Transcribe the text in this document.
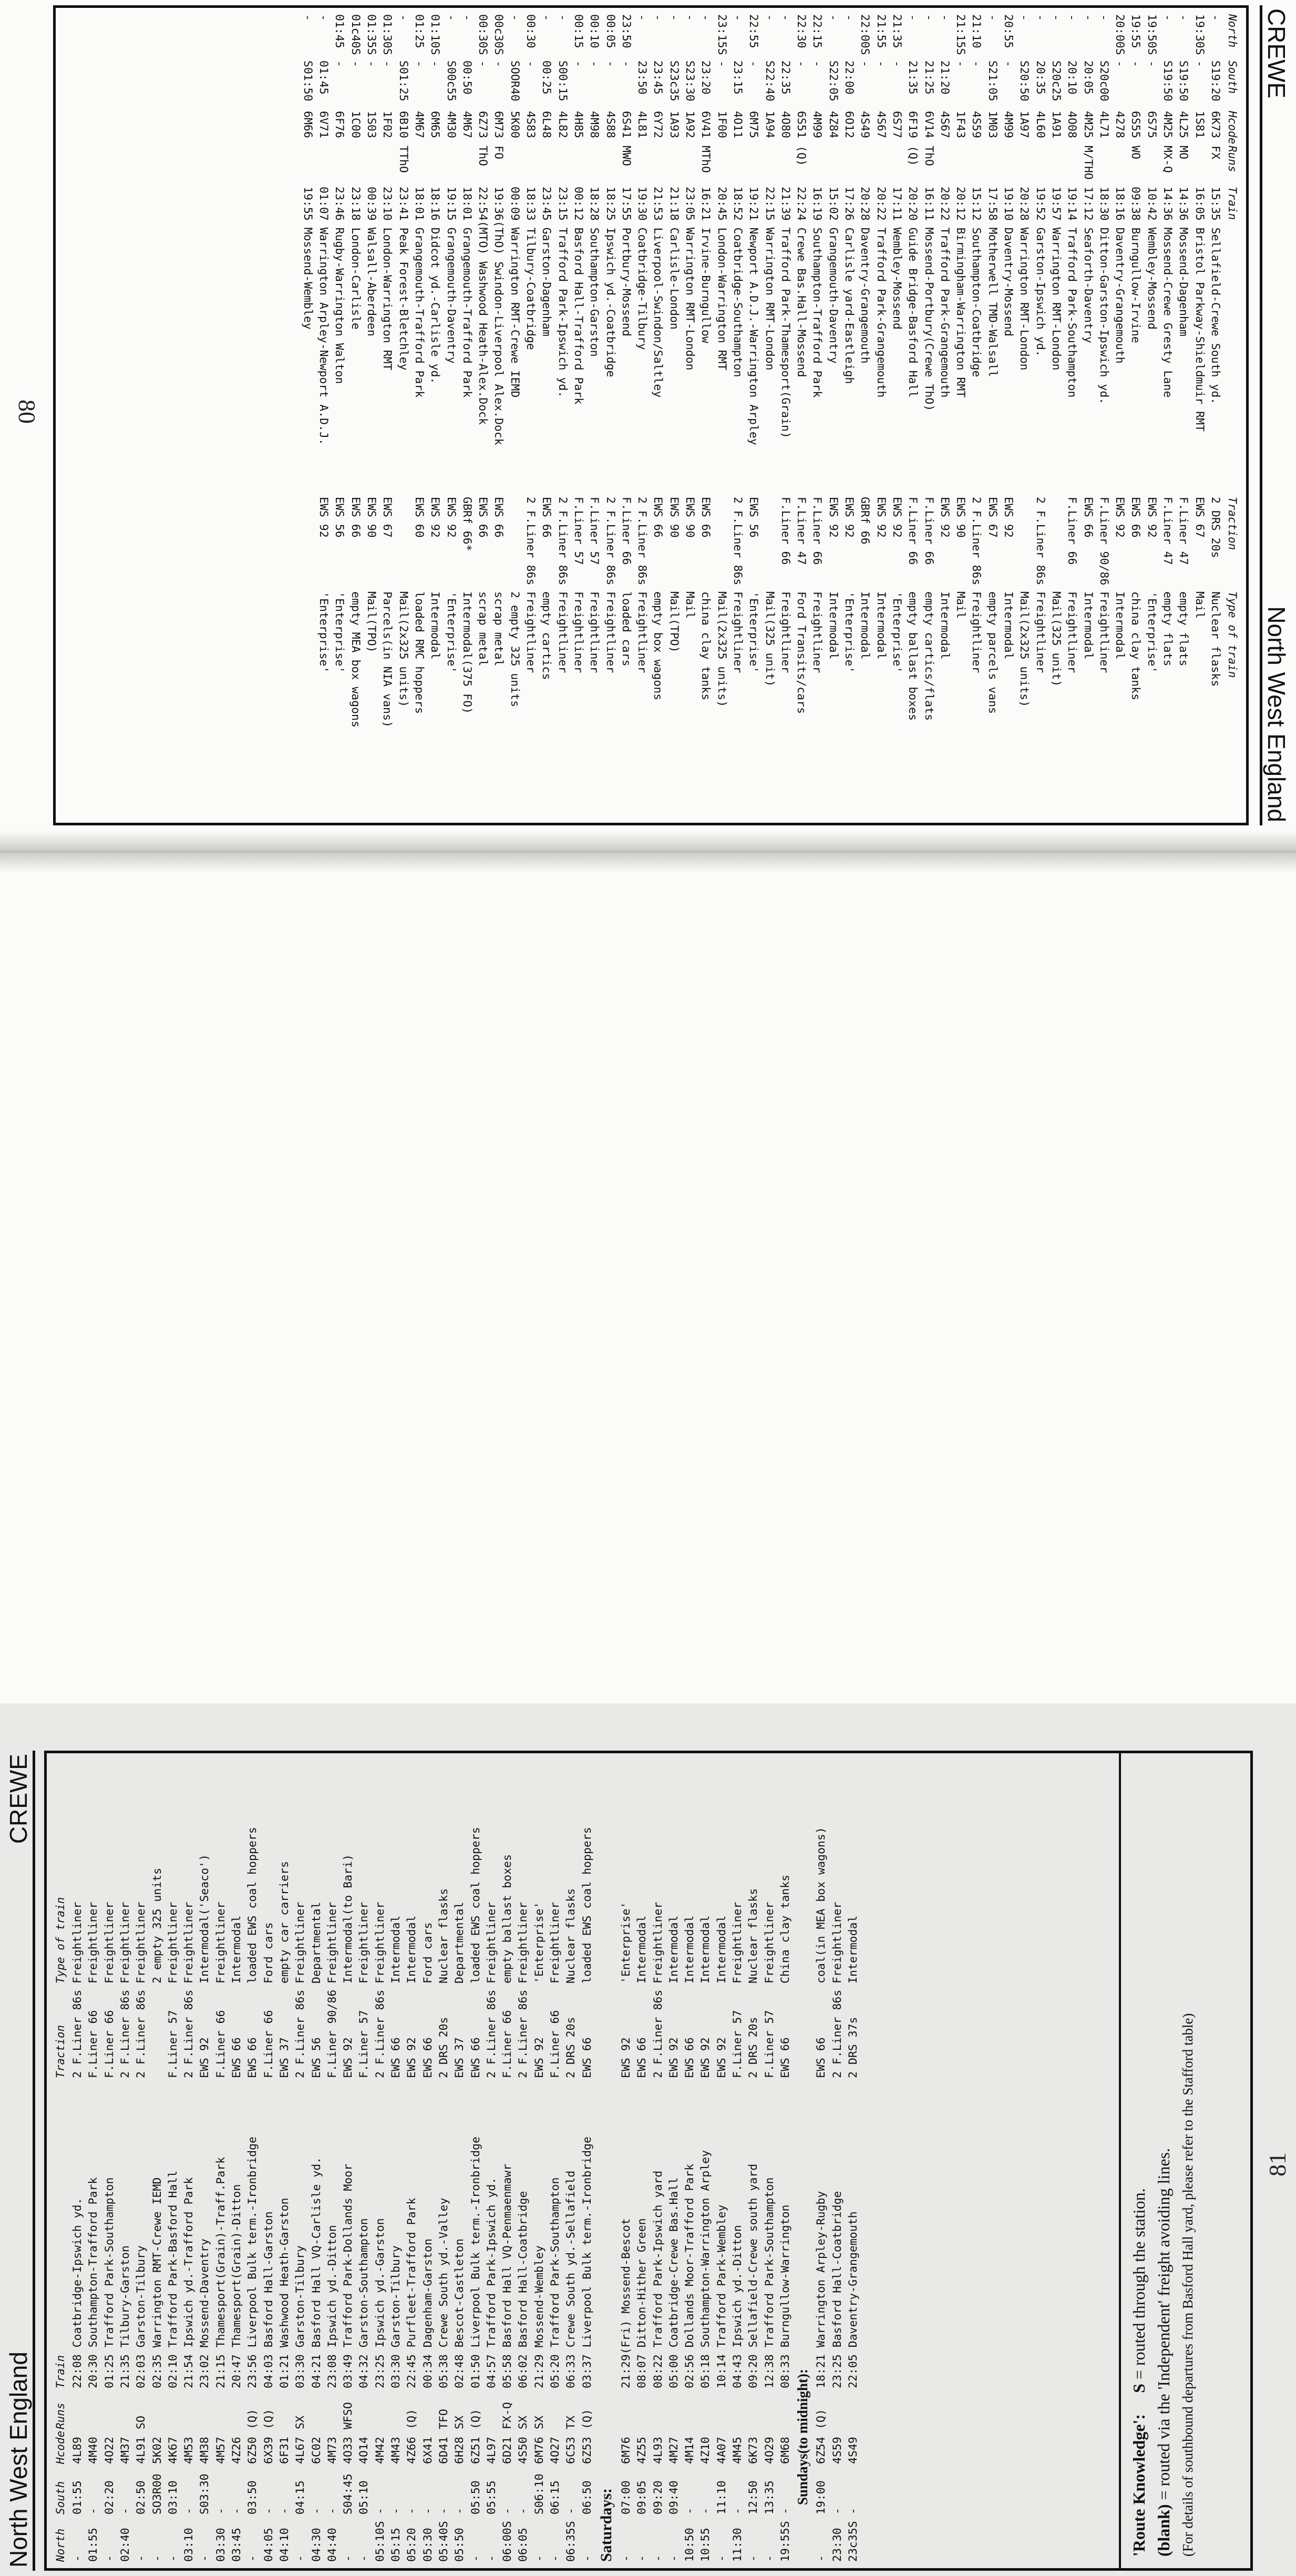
CREWE
North West England
North
South
Hcode
Runs
Train
Traction
Type of train
-
S19:20
6K73
FX
15:35 Sellafield-Crewe South yd.
2 DRS 20s
Nuclear flasks
19:30S
-
1S81
16:05 Bristol Parkway-Shieldmuir RMT
EWS 67
Mail
-
S19:50
4L25
MO
14:36 Mossend-Dagenham
F.Liner 47
empty flats
-
S19:50
4M25
MX-Q
14:36 Mossend-Crewe Gresty Lane
F.Liner 47
empty flats
19:50S
-
6S75
10:42 Wembley-Mossend
EWS 92
'Enterprise'
19:55
-
6S55
WO
09:38 Burngullow-Irvine
EWS 66
china clay tanks
20:00S
-
4278
18:16 Daventry-Grangemouth
EWS 92
Intermodal
-
S20c00
4L71
18:30 Ditton-Garston-Ipswich yd.
F.Liner 90/86
Freightliner
-
20:05
4M25
M/THO
17:12 Seaforth-Daventry
EWS 66
Intermodal
-
20:10
4O08
19:14 Trafford Park-Southampton
F.Liner 66
Freightliner
-
S20c25
1A91
19:57 Warrington RMT-London
Mail(325 unit)
-
20:35
4L60
19:52 Garston-Ipswich yd.
2 F.Liner 86s
Freightliner
-
S20:50
1A97
20:28 Warrington RMT-London
Mail(2x325 units)
20:55
-
4M99
19:10 Daventry-Mossend
EWS 92
Intermodal
-
S21:05
1M03
17:58 Motherwell TMD-Walsall
EWS 67
empty parcels vans
21:10
-
4S59
15:12 Southampton-Coatbridge
2 F.Liner 86s
Freightliner
21:15S
-
1F43
20:12 Birmingham-Warrington RMT
EWS 90
Mail
-
21:20
4S67
20:22 Trafford Park-Grangemouth
EWS 92
Intermodal
-
21:25
6V14
ThO
16:11 Mossend-Portbury(Crewe ThO)
F.Liner 66
empty cartics/flats
-
21:35
6F19
(Q)
20:20 Guide Bridge-Basford Hall
F.Liner 66
empty ballast boxes
21:35
-
6S77
17:11 Wembley-Mossend
EWS 92
'Enterprise'
21:55
-
4S67
20:22 Trafford Park-Grangemouth
EWS 92
Intermodal
22:00S
-
4S49
20:28 Daventry-Grangemouth
GBRf 66
Intermodal
-
22:00
6O12
17:26 Carlisle yard-Eastleigh
EWS 92
'Enterprise'
-
S22:05
4Z84
15:02 Grangemouth-Daventry
EWS 92
Intermodal
22:15
-
4M99
16:19 Southampton-Trafford Park
F.Liner 66
Freightliner
22:30
-
6S51
(Q)
22:24 Crewe Bas.Hall-Mossend
F.Liner 47
Ford Transits/cars
-
22:35
4O80
21:39 Trafford Park-Thamesport(Grain)
F.Liner 66
Freightliner
-
S22:40
1A94
22:15 Warrington RMT-London
Mail(325 unit)
22:55
-
6M75
19:21 Newport A.D.J.-Warrington Arpley
EWS 56
'Enterprise'
-
23:15
4O11
18:52 Coatbridge-Southampton
2 F.Liner 86s
Freightliner
23:15S
-
1F00
20:45 London-Warrington RMT
Mail(2x325 units)
-
23:20
6V41
MThO
16:21 Irvine-Burngullow
EWS 66
china clay tanks
-
S23:30
1A92
23:05 Warrington RMT-London
EWS 90
Mail
-
S23c35
1A93
21:18 Carlisle-London
EWS 90
Mail(TPO)
-
23:45
6Y72
21:53 Liverpool-Swindon/Saltley
EWS 66
empty box wagons
-
23:50
4L81
19:30 Coatbridge-Tilbury
2 F.Liner 86s
Freightliner
23:50
-
6S41
MWO
17:55 Portbury-Mossend
F.Liner 66
loaded cars
00:05
-
4S88
18:25 Ipswich yd.-Coatbridge
2 F.Liner 86s
Freightliner
00:10
-
4M98
18:28 Southampton-Garston
F.Liner 57
Freightliner
00:15
-
4H85
00:12 Basford Hall-Trafford Park
F.Liner 57
Freightliner
-
S00:15
4L82
23:15 Trafford Park-Ipswich yd.
2 F.Liner 86s
Freightliner
-
00:25
6L48
23:45 Garston-Dagenham
EWS 66
empty cartics
00:30
-
4S83
18:33 Tilbury-Coatbridge
2 F.Liner 86s
Freightliner
-
SOOR40
5K00
00:09 Warrington RMT-Crewe IEMD
2 empty 325 units
00c30S
-
6M73
FO
19:36(ThO) Swindon-Liverpool Alex.Dock
EWS 66
scrap metal
00:30S
-
6Z73
ThO
22:54(MTO) Washwood Heath-Alex.Dock
EWS 66
scrap metal
-
00:50
4M67
18:01 Grangemouth-Trafford Park
GBRf 66*
Intermodal(375 FO)
-
S00c55
4M30
19:15 Grangemouth-Daventry
EWS 92
'Enterprise'
01:10S
-
6M65
18:16 Didcot yd.-Carlisle yd.
EWS 92
Intermodal
01:25
-
4M67
18:01 Grangemouth-Trafford Park
EWS 60
loaded RMC hoppers
-
S01:25
6B10
TThO
23:41 Peak Forest-Bletchley
Mail(2x325 units)
01:30S
-
1F02
23:10 London-Warrington RMT
EWS 67
Parcels(in NIA vans)
01:35S
-
1S03
00:39 Walsall-Aberdeen
EWS 90
Mail(TPO)
01c40S
-
1C00
23:18 London-Carlisle
EWS 66
empty MEA box wagons
01:45
-
6F76
23:46 Rugby-Warrington Walton
EWS 56
'Enterprise'
-
01:45
6V71
01:07 Warrington Arpley-Newport A.D.J.
EWS 92
'Enterprise'
-
S01:50
6M66
19:55 Mossend-Wembley
80
North West England
CREWE
North
South
Hcode
Runs
Train
Traction
Type of train
-
01:55
4L89
22:08 Coatbridge-Ipswich yd.
2 F.Liner 86s
Freightliner
01:55
-
4M40
20:30 Southampton-Trafford Park
F.Liner 66
Freightliner
-
02:20
4O22
01:25 Trafford Park-Southampton
F.Liner 66
Freightliner
02:40
-
4M37
21:35 Tilbury-Garston
2 F.Liner 86s
Freightliner
-
02:50
4L91
SO
02:03 Garston-Tilbury
2 F.Liner 86s
Freightliner
-
SO3R00
5K02
02:35 Warrington RMT-Crewe IEMD
2 empty 325 units
-
03:10
4K67
02:10 Trafford Park-Basford Hall
F.Liner 57
Freightliner
03:10
-
4M53
21:54 Ipswich yd.-Trafford Park
2 F.Liner 86s
Freightliner
-
S03:30
4M38
23:02 Mossend-Daventry
EWS 92
Intermodal('Seaco')
03:30
-
4M57
21:15 Thamesport(Grain)-Traff.Park
F.Liner 66
Freightliner
03:45
-
4Z26
20:47 Thamesport(Grain)-Ditton
EWS 66
Intermodal
-
03:50
6Z50
(Q)
23:56 Liverpool Bulk term.-Ironbridge
EWS 66
loaded EWS coal hoppers
04:05
-
6X39
(Q)
04:03 Basford Hall-Garston
F.Liner 66
Ford cars
04:10
-
6F31
01:21 Washwood Heath-Garston
EWS 37
empty car carriers
-
04:15
4L67
SX
03:30 Garston-Tilbury
2 F.Liner 86s
Freightliner
04:30
-
6C02
04:21 Basford Hall VQ-Carlisle yd.
EWS 56
Departmental
04:40
-
4M73
23:08 Ipswich yd.-Ditton
F.Liner 90/86
Freightliner
-
S04:45
4O33
WFSO
03:49 Trafford Park-Dollands Moor
EWS 92
Intermodal(to Bari)
-
05:10
4O14
04:32 Garston-Southampton
F.Liner 57
Freightliner
05:10S
-
4M42
23:25 Ipswich yd.-Garston
2 F.Liner 86s
Freightliner
05:15
-
4M43
03:30 Garston-Tilbury
EWS 66
Intermodal
05:20
-
4Z66
(Q)
22:45 Purfleet-Trafford Park
EWS 92
Intermodal
05:30
-
6X41
00:34 Dagenham-Garston
EWS 66
Ford cars
05:40S
-
6D41
TFO
05:38 Crewe South yd.-Valley
2 DRS 20s
Nuclear flasks
05:50
-
6H28
SX
02:48 Bescot-Castleton
EWS 37
Departmental
-
05:50
6Z51
(Q)
01:50 Liverpool Bulk term.-Ironbridge
EWS 66
loaded EWS coal hoppers
-
05:55
4L97
04:57 Trafford Park-Ipswich yd.
2 F.Liner 86s
Freightliner
06:00S
-
6D21
FX-Q
05:58 Basford Hall VQ-Penmaenmawr
F.Liner 66
empty ballast boxes
06:05
-
4S50
SX
06:02 Basford Hall-Coatbridge
2 F.Liner 86s
Freightliner
-
S06:10
6M76
SX
21:29 Mossend-Wembley
EWS 92
'Enterprise'
-
06:15
4O27
05:20 Trafford Park-Southampton
F.Liner 66
Freightliner
06:35S
-
6C53
TX
06:33 Crewe South yd.-Sellafield
2 DRS 20s
Nuclear flasks
-
06:50
6Z53
(Q)
03:37 Liverpool Bulk term.-Ironbridge
EWS 66
loaded EWS coal hoppers
Saturdays: -
07:00
6M76
21:29(Fri) Mossend-Bescot
EWS 92
'Enterprise'
-
09:05
4Z55
08:07 Ditton-Hither Green
EWS 66
Intermodal
-
09:20
4L93
08:22 Trafford Park-Ipswich yard
2 F.Liner 86s
Freightliner
-
09:40
4M27
05:00 Coatbridge-Crewe Bas.Hall
EWS 92
Intermodal
10:50
-
4M14
02:56 Dollands Moor-Trafford Park
EWS 66
Intermodal
10:55
-
4Z10
05:18 Southampton-Warrington Arpley
EWS 92
Intermodal
-
11:10
4A07
10:14 Trafford Park-Wembley
EWS 92
Intermodal
11:30
-
4M45
04:43 Ipswich yd.-Ditton
F.Liner 57
Freightliner
-
12:50
6K73
09:20 Sellafield-Crewe south yard
2 DRS 20s
Nuclear flasks
-
13:35
4O29
12:38 Trafford Park-Southampton
F.Liner 57
Freightliner
19:55S
-
6M68
08:33 Burngullow-Warrington
EWS 66
China clay tanks
Sundays(to midnight):
-
19:00
6Z54
(Q)
18:21 Warrington Arpley-Rugby
EWS 66
coal(in MEA box wagons)
23:30
-
4S59
23:25 Basford Hall-Coatbridge
2 F.Liner 86s
Freightliner
23c35S
-
4S49
22:05 Daventry-Grangemouth
2 DRS 37s
Intermodal
'Route Knowledge':     S = routed through the station.
(blank) = routed via the 'Independent' freight avoiding lines. (For details of southbound departures from Basford Hall yard, please refer to the Stafford table)	81
